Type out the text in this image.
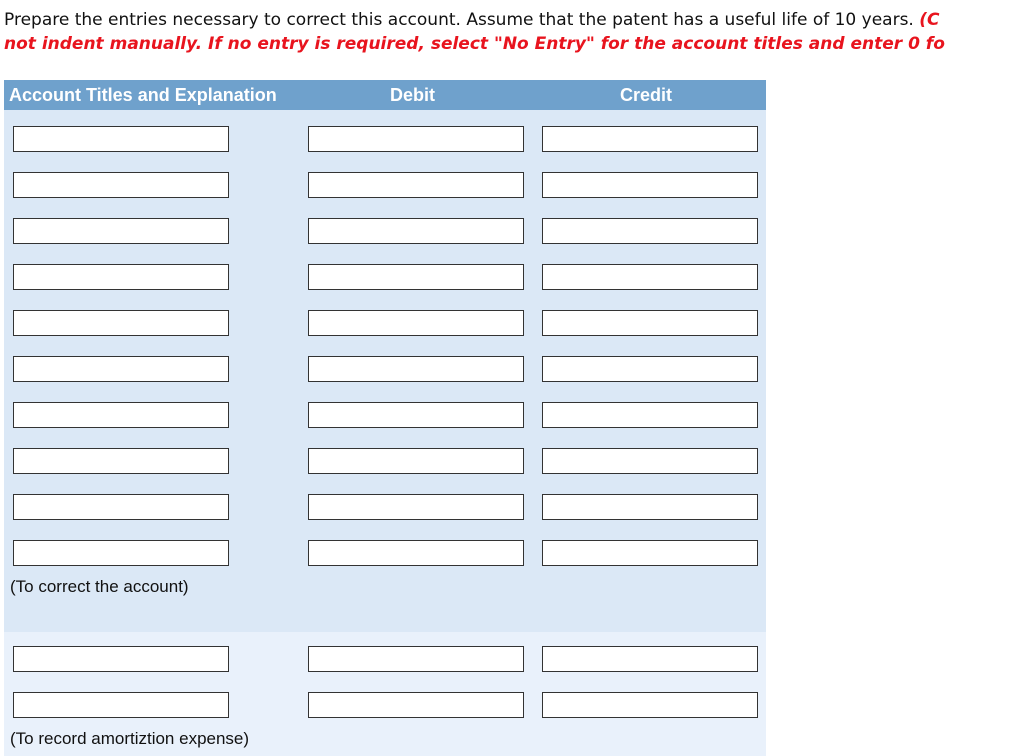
Prepare the entries necessary to correct this account. Assume that the patent has a useful life of 10 years. (C
not indent manually. If no entry is required, select "No Entry" for the account titles and enter 0 fo
Account Titles and Explanation	Debit	Credit
(To correct the account)
(To record amortiztion expense)
